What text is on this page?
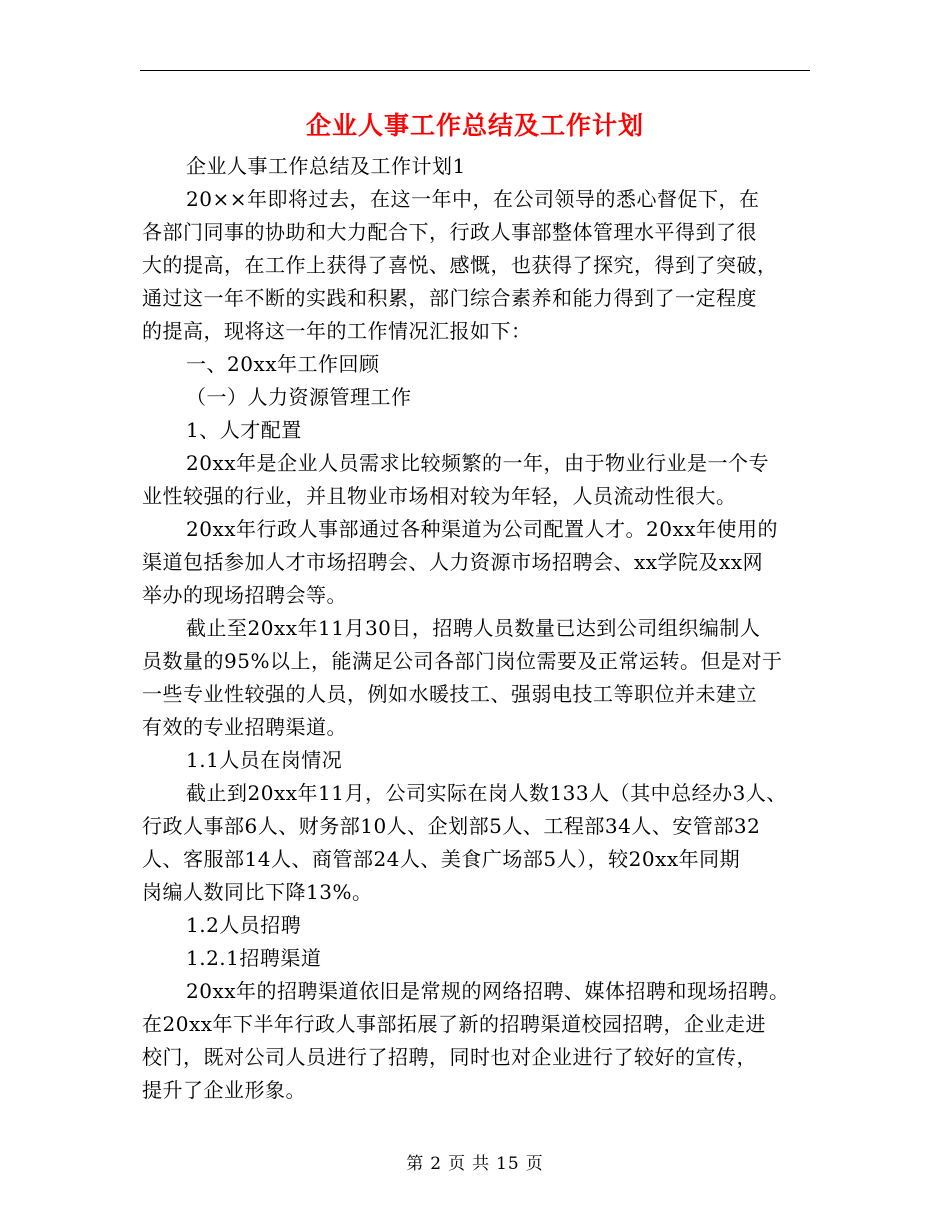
企业人事工作总结及工作计划
企业人事工作总结及工作计划1
20××年即将过去，在这一年中，在公司领导的悉心督促下，在
各部门同事的协助和大力配合下，行政人事部整体管理水平得到了很
大的提高，在工作上获得了喜悦、感慨，也获得了探究，得到了突破，
通过这一年不断的实践和积累，部门综合素养和能力得到了一定程度
的提高，现将这一年的工作情况汇报如下：
一、20xx年工作回顾
（一）人力资源管理工作
1、人才配置
20xx年是企业人员需求比较频繁的一年，由于物业行业是一个专
业性较强的行业，并且物业市场相对较为年轻，人员流动性很大。
20xx年行政人事部通过各种渠道为公司配置人才。20xx年使用的
渠道包括参加人才市场招聘会、人力资源市场招聘会、xx学院及xx网
举办的现场招聘会等。
截止至20xx年11月30日，招聘人员数量已达到公司组织编制人
员数量的95%以上，能满足公司各部门岗位需要及正常运转。但是对于
一些专业性较强的人员，例如水暖技工、强弱电技工等职位并未建立
有效的专业招聘渠道。
1.1人员在岗情况
截止到20xx年11月，公司实际在岗人数133人（其中总经办3人、
行政人事部6人、财务部10人、企划部5人、工程部34人、安管部32
人、客服部14人、商管部24人、美食广场部5人），较20xx年同期
岗编人数同比下降13%。
1.2人员招聘
1.2.1招聘渠道
20xx年的招聘渠道依旧是常规的网络招聘、媒体招聘和现场招聘。
在20xx年下半年行政人事部拓展了新的招聘渠道校园招聘，企业走进
校门，既对公司人员进行了招聘，同时也对企业进行了较好的宣传，
提升了企业形象。
第 2 页 共 15 页
